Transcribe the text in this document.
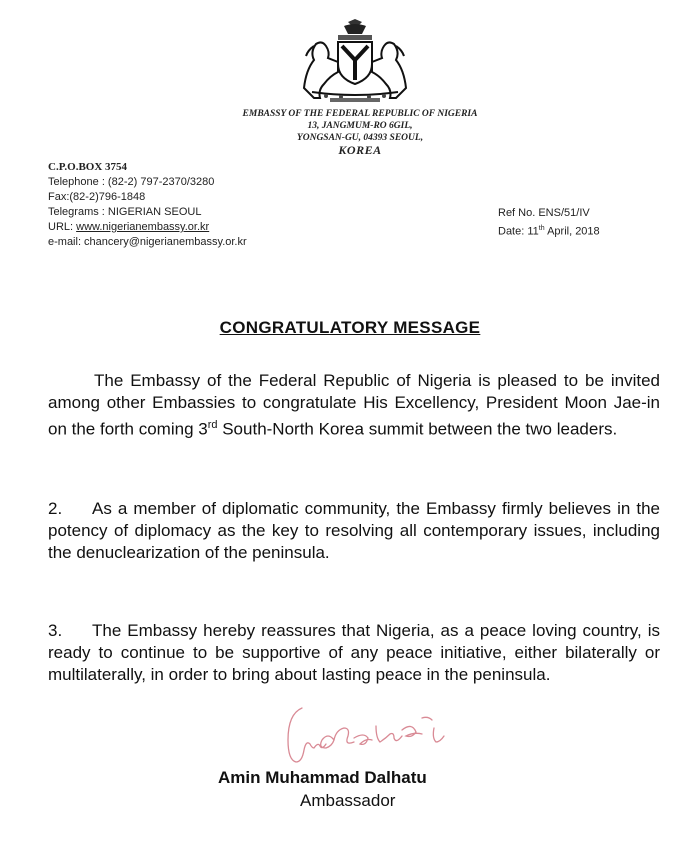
EMBASSY OF THE FEDERAL REPUBLIC OF NIGERIA
13, JANGMUM-RO 6GIL,
YONGSAN-GU, 04393 SEOUL,
KOREA
C.P.O.BOX 3754
Telephone : (82-2) 797-2370/3280
Fax:(82-2)796-1848
Telegrams : NIGERIAN SEOUL
URL: www.nigerianembassy.or.kr
e-mail: chancery@nigerianembassy.or.kr
Ref No. ENS/51/IV
Date: 11th April, 2018
CONGRATULATORY MESSAGE
The Embassy of the Federal Republic of Nigeria is pleased to be invited among other Embassies to congratulate His Excellency, President Moon Jae-in on the forth coming 3rd South-North Korea summit between the two leaders.
2. As a member of diplomatic community, the Embassy firmly believes in the potency of diplomacy as the key to resolving all contemporary issues, including the denuclearization of the peninsula.
3. The Embassy hereby reassures that Nigeria, as a peace loving country, is ready to continue to be supportive of any peace initiative, either bilaterally or multilaterally, in order to bring about lasting peace in the peninsula.
Amin Muhammad Dalhatu
Ambassador
